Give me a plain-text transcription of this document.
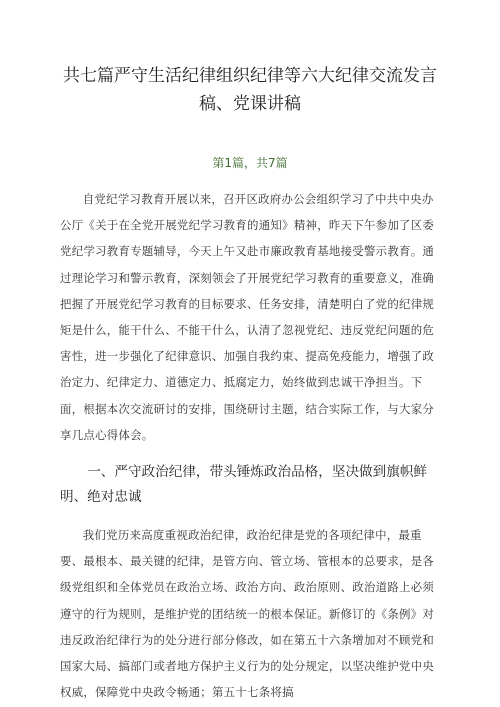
共七篇严守生活纪律组织纪律等六大纪律交流发言
稿、党课讲稿
第1篇，共7篇

自党纪学习教育开展以来，召开区政府办公会组织学习了中共中央办公厅《关于在全党开展党纪学习教育的通知》精神，昨天下午参加了区委党纪学习教育专题辅导，今天上午又赴市廉政教育基地接受警示教育。通过理论学习和警示教育，深刻领会了开展党纪学习教育的重要意义，准确把握了开展党纪学习教育的目标要求、任务安排，清楚明白了党的纪律规矩是什么，能干什么、不能干什么，认清了忽视党纪、违反党纪问题的危害性，进一步强化了纪律意识、加强自我约束、提高免疫能力，增强了政治定力、纪律定力、道德定力、抵腐定力，始终做到忠诚干净担当。下面，根据本次交流研讨的安排，围绕研讨主题，结合实际工作，与大家分享几点心得体会。

一、严守政治纪律，带头锤炼政治品格，坚决做到旗帜鲜明、绝对忠诚

我们党历来高度重视政治纪律，政治纪律是党的各项纪律中，最重要、最根本、最关键的纪律，是管方向、管立场、管根本的总要求，是各级党组织和全体党员在政治立场、政治方向、政治原则、政治道路上必须遵守的行为规则，是维护党的团结统一的根本保证。新修订的《条例》对违反政治纪律行为的处分进行部分修改，如在第五十六条增加对不顾党和国家大局、搞部门或者地方保护主义行为的处分规定，以坚决维护党中央权威，保障党中央政令畅通；第五十七条将搞
